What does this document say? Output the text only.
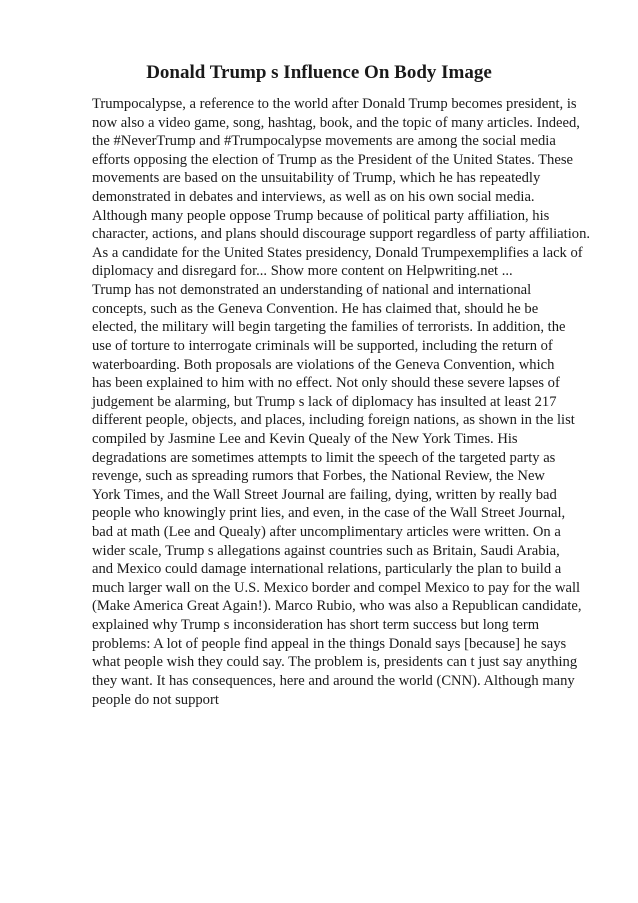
Donald Trump s Influence On Body Image
Trumpocalypse, a reference to the world after Donald Trump becomes president, is
now also a video game, song, hashtag, book, and the topic of many articles. Indeed,
the #NeverTrump and #Trumpocalypse movements are among the social media
efforts opposing the election of Trump as the President of the United States. These
movements are based on the unsuitability of Trump, which he has repeatedly
demonstrated in debates and interviews, as well as on his own social media.
Although many people oppose Trump because of political party affiliation, his
character, actions, and plans should discourage support regardless of party affiliation.
As a candidate for the United States presidency, Donald Trumpexemplifies a lack of
diplomacy and disregard for... Show more content on Helpwriting.net ...
Trump has not demonstrated an understanding of national and international
concepts, such as the Geneva Convention. He has claimed that, should he be
elected, the military will begin targeting the families of terrorists. In addition, the
use of torture to interrogate criminals will be supported, including the return of
waterboarding. Both proposals are violations of the Geneva Convention, which
has been explained to him with no effect. Not only should these severe lapses of
judgement be alarming, but Trump s lack of diplomacy has insulted at least 217
different people, objects, and places, including foreign nations, as shown in the list
compiled by Jasmine Lee and Kevin Quealy of the New York Times. His
degradations are sometimes attempts to limit the speech of the targeted party as
revenge, such as spreading rumors that Forbes, the National Review, the New
York Times, and the Wall Street Journal are failing, dying, written by really bad
people who knowingly print lies, and even, in the case of the Wall Street Journal,
bad at math (Lee and Quealy) after uncomplimentary articles were written. On a
wider scale, Trump s allegations against countries such as Britain, Saudi Arabia,
and Mexico could damage international relations, particularly the plan to build a
much larger wall on the U.S. Mexico border and compel Mexico to pay for the wall
(Make America Great Again!). Marco Rubio, who was also a Republican candidate,
explained why Trump s inconsideration has short term success but long term
problems: A lot of people find appeal in the things Donald says [because] he says
what people wish they could say. The problem is, presidents can t just say anything
they want. It has consequences, here and around the world (CNN). Although many
people do not support
